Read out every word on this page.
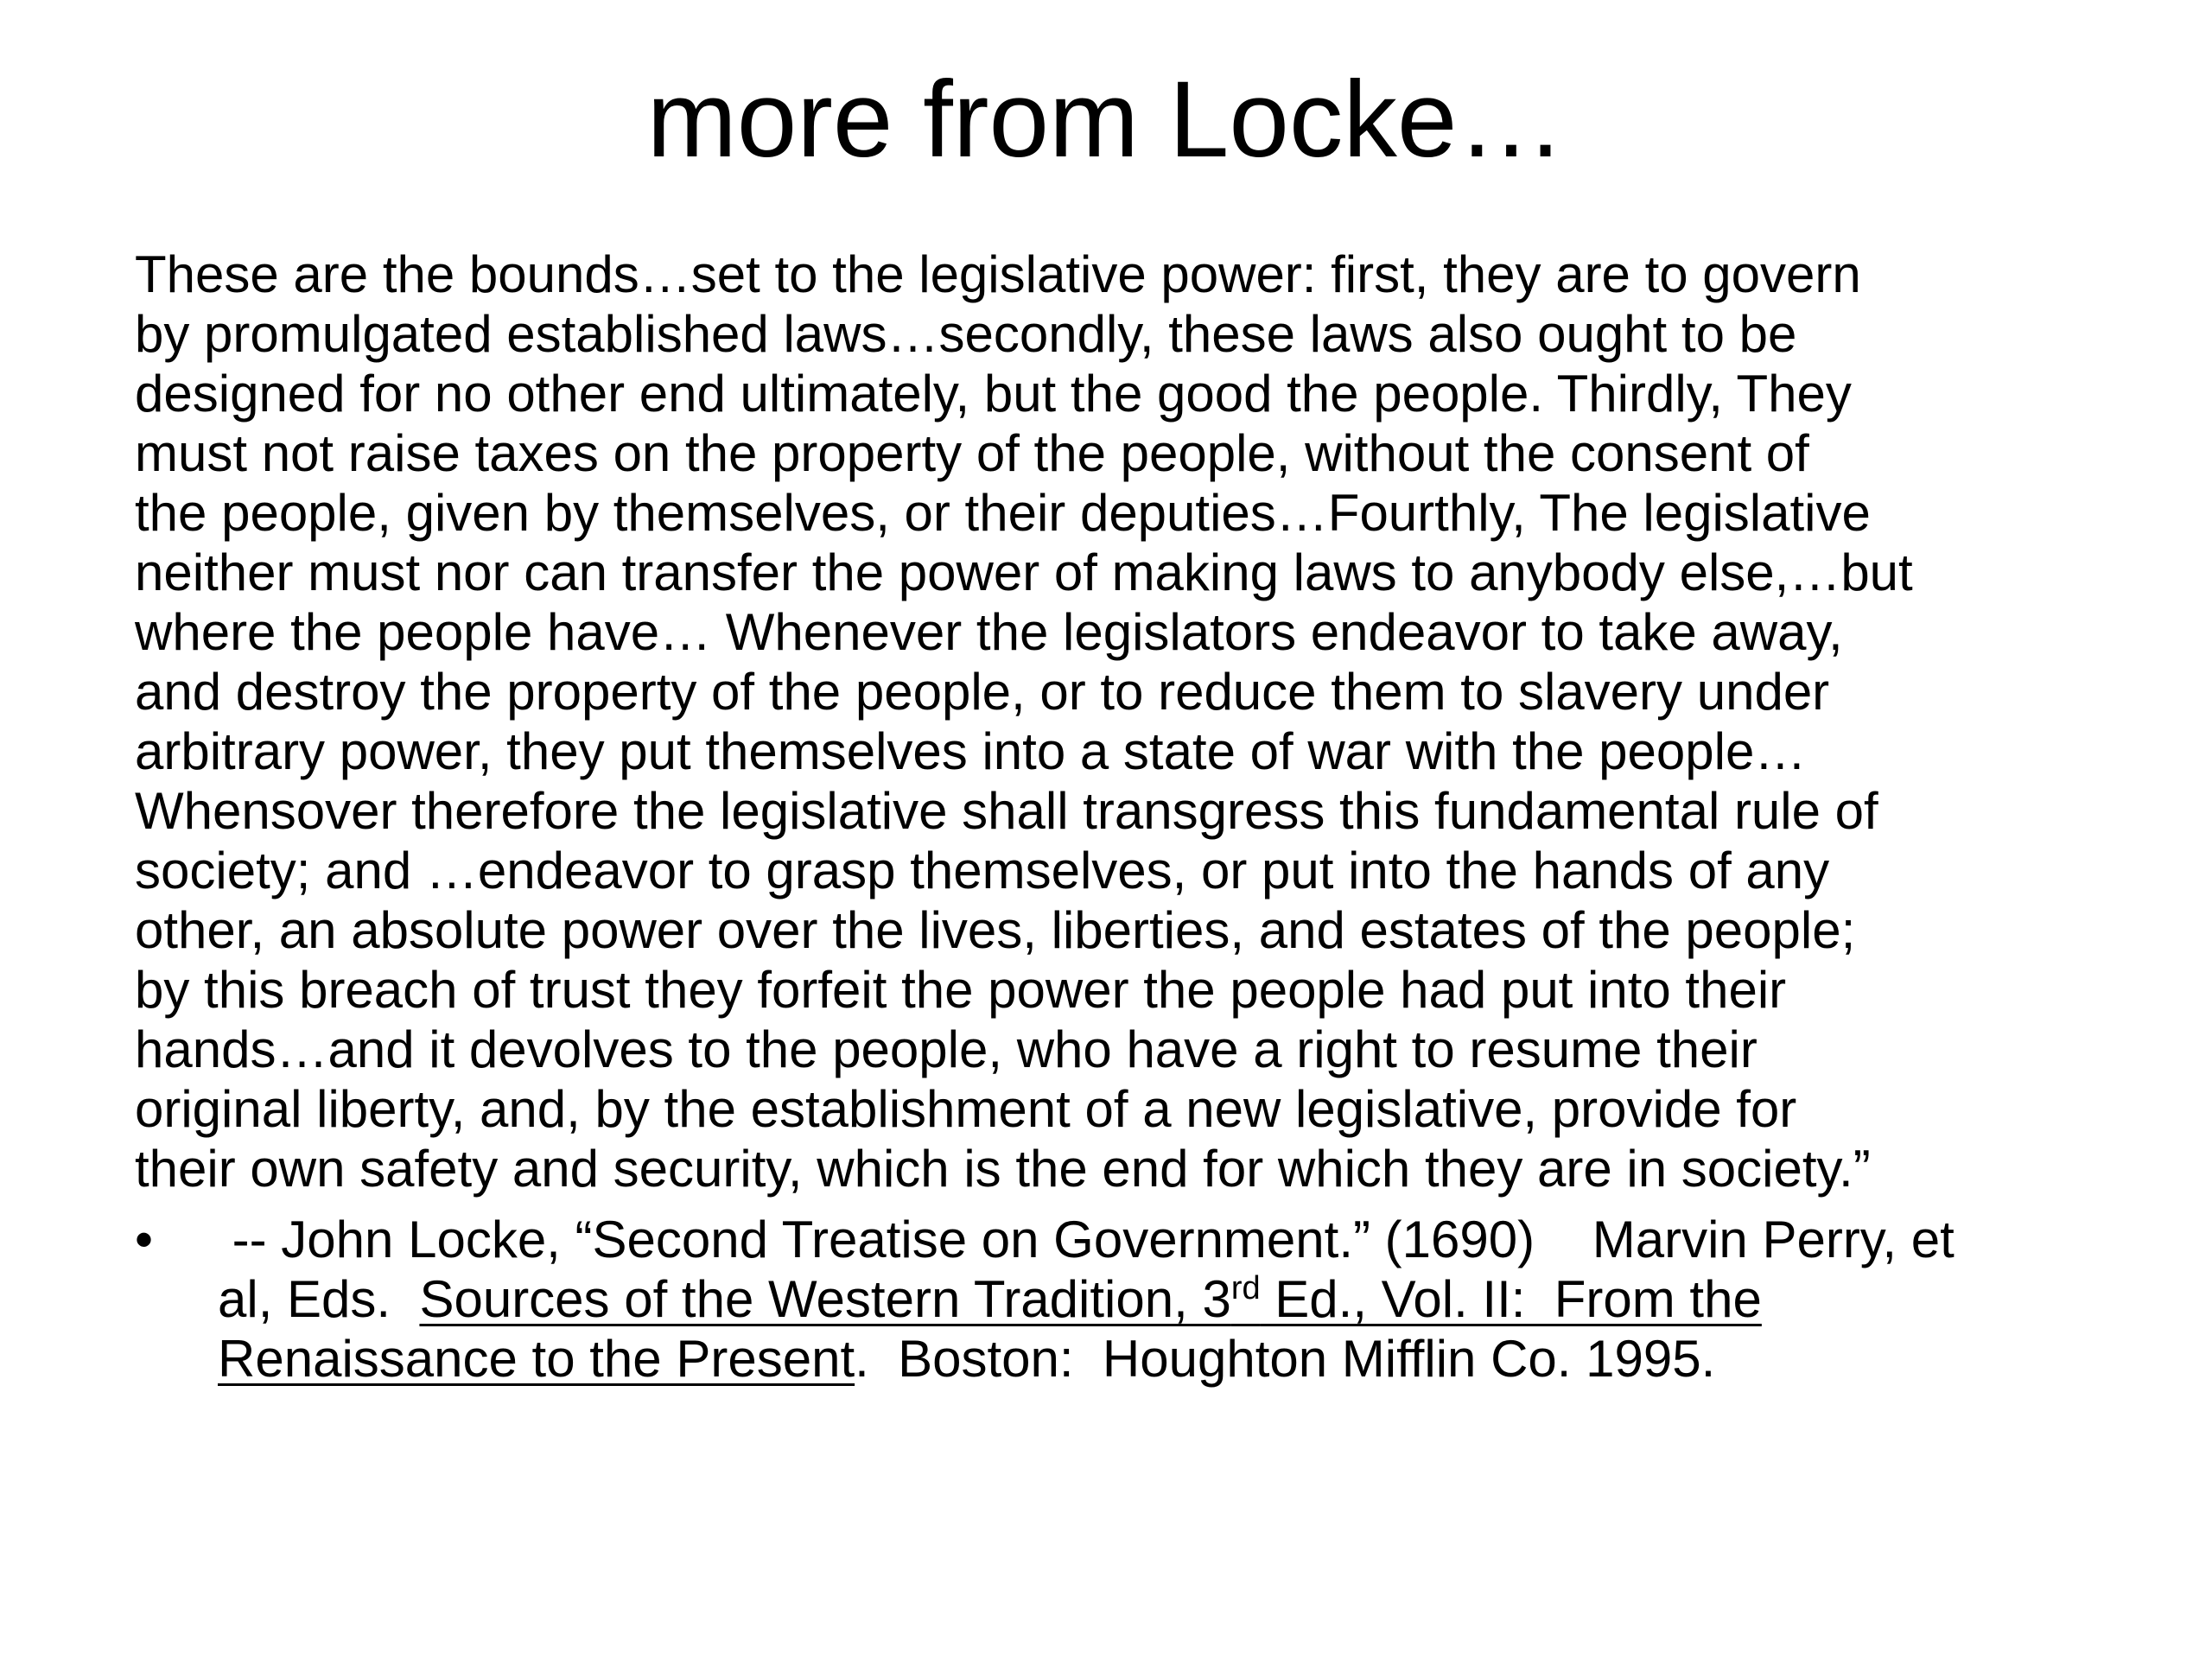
more from Locke…
These are the bounds…set to the legislative power: first, they are to govern
by promulgated established laws…secondly, these laws also ought to be
designed for no other end ultimately, but the good the people. Thirdly, They
must not raise taxes on the property of the people, without the consent of
the people, given by themselves, or their deputies…Fourthly, The legislative
neither must nor can transfer the power of making laws to anybody else,…but
where the people have… Whenever the legislators endeavor to take away,
and destroy the property of the people, or to reduce them to slavery under
arbitrary power, they put themselves into a state of war with the people…
Whensover therefore the legislative shall transgress this fundamental rule of
society; and …endeavor to grasp themselves, or put into the hands of any
other, an absolute power over the lives, liberties, and estates of the people;
by this breach of trust they forfeit the power the people had put into their
hands…and it devolves to the people, who have a right to resume their
original liberty, and, by the establishment of a new legislative, provide for
their own safety and security, which is the end for which they are in society.”
•	-- John Locke, “Second Treatise on Government.” (1690)    Marvin Perry, et
al, Eds.  Sources of the Western Tradition, 3rd Ed., Vol. II:  From the
Renaissance to the Present.  Boston:  Houghton Mifflin Co. 1995.
